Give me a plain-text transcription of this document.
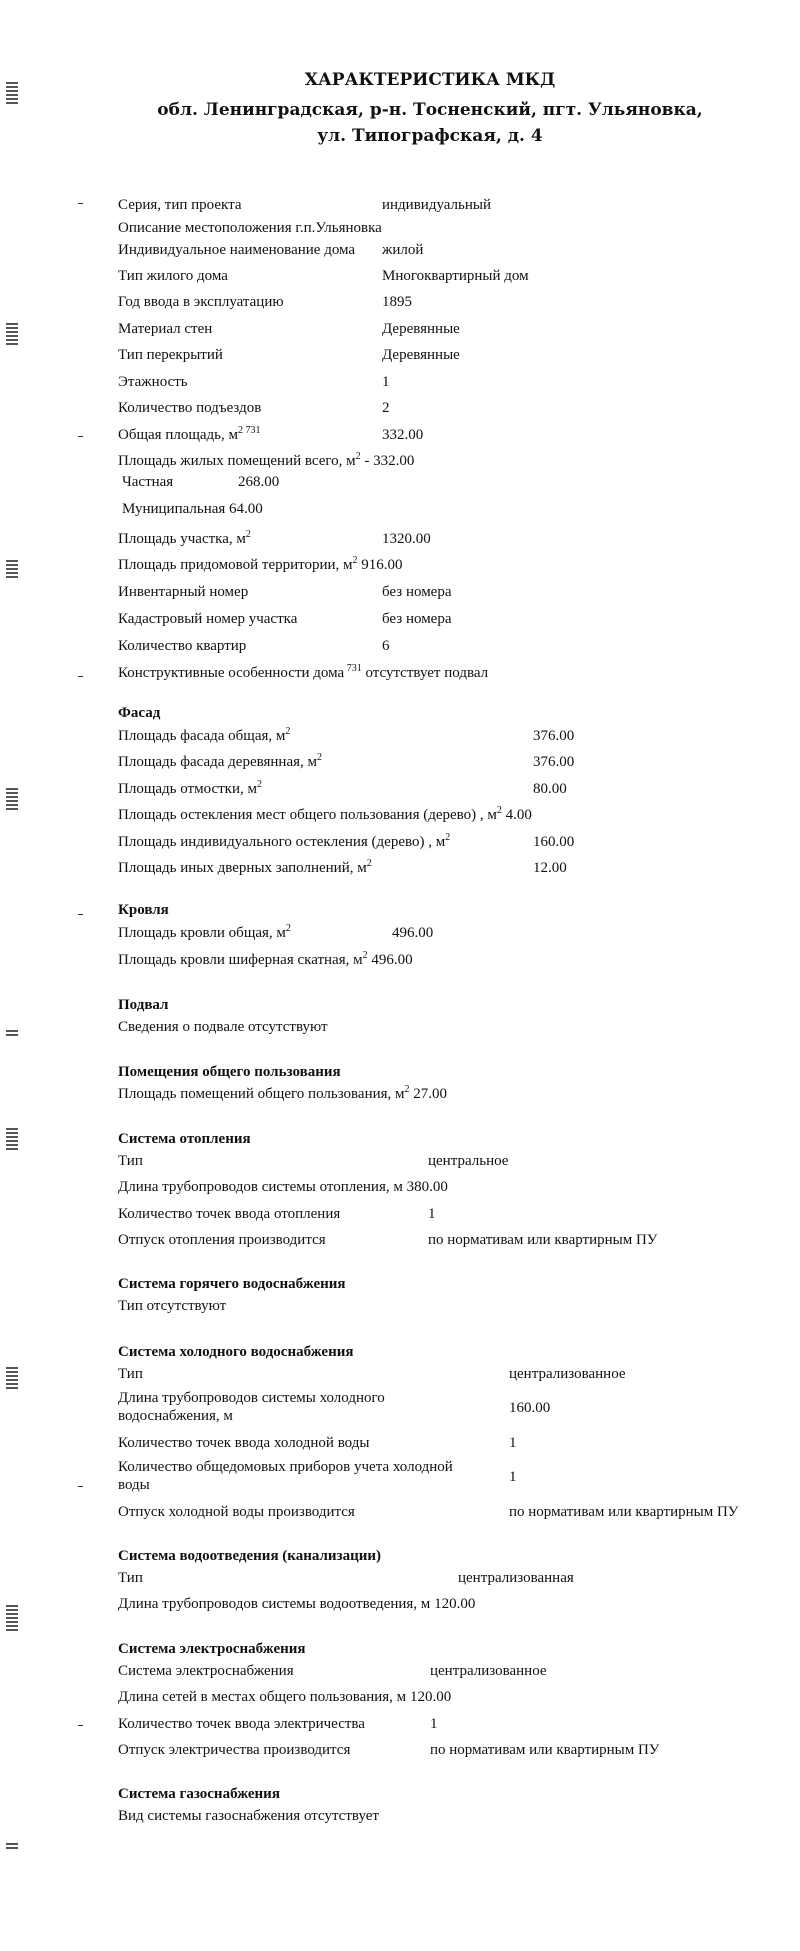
ХАРАКТЕРИСТИКА МКД
обл. Ленинградская, р-н. Тосненский, пгт. Ульяновка,
ул. Типографская, д. 4
Серия, тип проекта	индивидуальный
Описание местоположения г.п.Ульяновка
Индивидуальное наименование дома жилой
Тип жилого дома	Многоквартирный дом
Год ввода в эксплуатацию	1895
Материал стен	Деревянные
Тип перекрытий	Деревянные
Этажность	1
Количество подъездов	2
Общая площадь, $м^{2 731}$	332.00
Площадь жилых помещений всего, $м^2 - 332.00$
Частная	268.00
Муниципальная 64.00
Площадь участка, $м^2$	1320.00
Площадь придомовой территории, $м^2$ 916.00
Инвентарный номер	без номера
Кадастровый номер участка	без номера
Количество квартир	6
Конструктивные особенности дома $^{731}$ отсутствует подвал
Фасад
Площадь фасада общая, $м^2$	376.00
Площадь фасада деревянная, $м^2$	376.00
Площадь отмостки, $м^2$	80.00
Площадь остекления мест общего пользования (дерево) , $м^2$ 4.00
Площадь индивидуального остекления (дерево) , $м^2$	160.00
Площадь иных дверных заполнений, $м^2$	12.00
Кровля
Площадь кровли общая, $м^2$	496.00
Площадь кровли шиферная скатная, $м^2$ 496.00
Подвал
Сведения о подвале отсутствуют
Помещения общего пользования
Площадь помещений общего пользования, $м^2$ 27.00
Система отопления
Тип	центральное
Длина трубопроводов системы отопления, м 380.00
Количество точек ввода отопления	1
Отпуск отопления производится	по нормативам или квартирным ПУ
Система горячего водоснабжения
Тип отсутствуют
Система холодного водоснабжения
Тип	централизованное
Длина трубопроводов системы холодного водоснабжения, м	160.00
Количество точек ввода холодной воды	1
Количество общедомовых приборов учета холодной воды	1
Отпуск холодной воды производится	по нормативам или квартирным ПУ
Система водоотведения (канализации)
Тип	централизованная
Длина трубопроводов системы водоотведения, м 120.00
Система электроснабжения
Система электроснабжения	централизованное
Длина сетей в местах общего пользования, м 120.00
Количество точек ввода электричества	1
Отпуск электричества производится	по нормативам или квартирным ПУ
Система газоснабжения
Вид системы газоснабжения отсутствует
